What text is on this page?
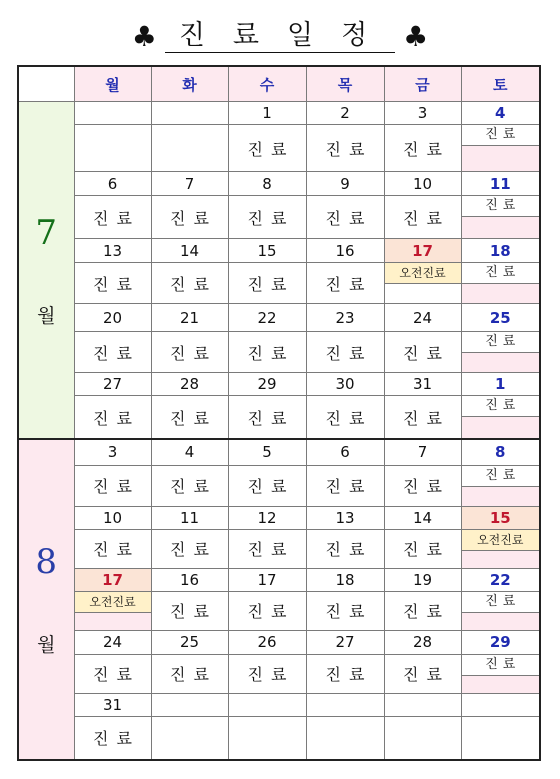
♣ 진료일정 ♣
	월	화	수	목	금	토

7
월			1	2	3	4
			진료	진료	진료	진료

	6	7	8	9	10	11
	진료	진료	진료	진료	진료	진료

	13	14	15	16	17	18
	진료	진료	진료	진료	오전진료	진료

	20	21	22	23	24	25
	진료	진료	진료	진료	진료	진료

	27	28	29	30	31	1
	진료	진료	진료	진료	진료	진료

8
월	3	4	5	6	7	8
	진료	진료	진료	진료	진료	진료

	10	11	12	13	14	15
	진료	진료	진료	진료	진료	오전진료

	17	16	17	18	19	22

	오전진료	진료	진료	진료	진료	진료

	24	25	26	27	28	29
	진료	진료	진료	진료	진료	진료

	31					
	진료					
